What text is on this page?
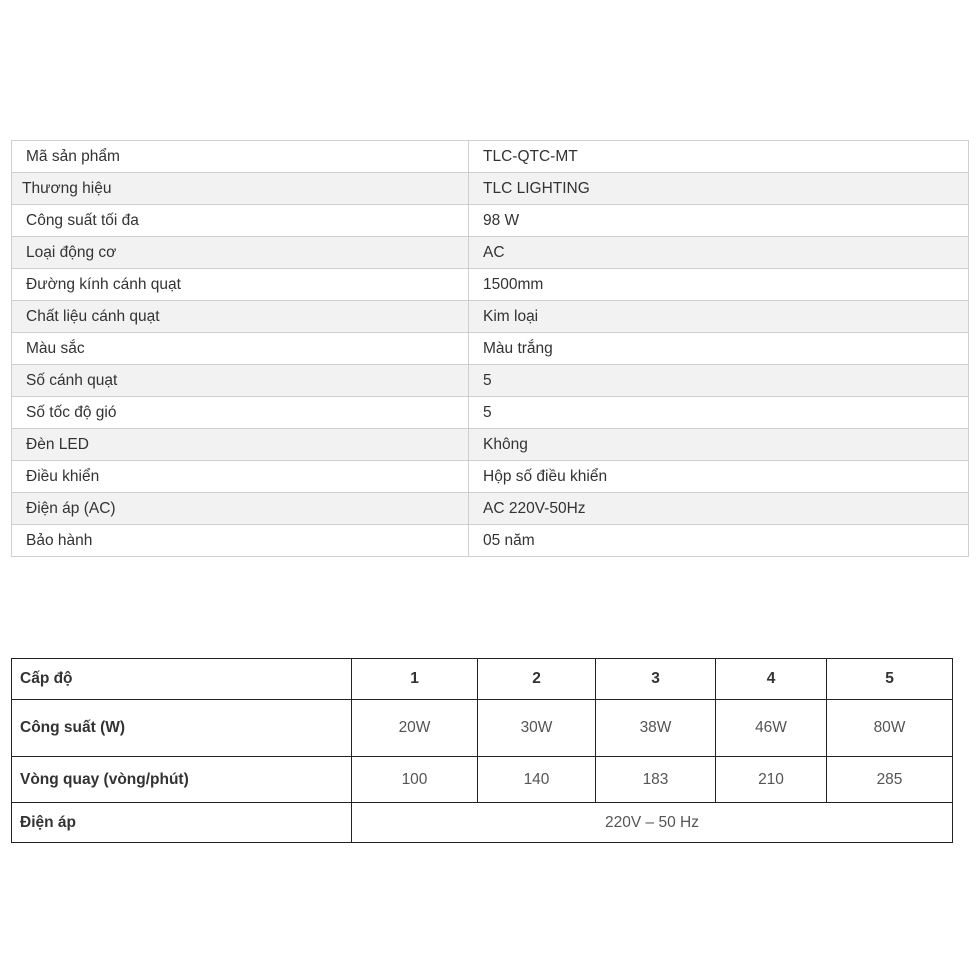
Mã sản phẩm	TLC-QTC-MT
Thương hiệu	TLC LIGHTING
Công suất tối đa	98 W
Loại động cơ	AC
Đường kính cánh quạt	1500mm
Chất liệu cánh quạt	Kim loại
Màu sắc	Màu trắng
Số cánh quạt	5
Số tốc độ gió	5
Đèn LED	Không
Điều khiển	Hộp số điều khiển
Điện áp (AC)	AC 220V-50Hz
Bảo hành	05 năm
Cấp độ	1	2	3	4	5
Công suất (W)	20W	30W	38W	46W	80W
Vòng quay (vòng/phút)	100	140	183	210	285
Điện áp	220V – 50 Hz				
